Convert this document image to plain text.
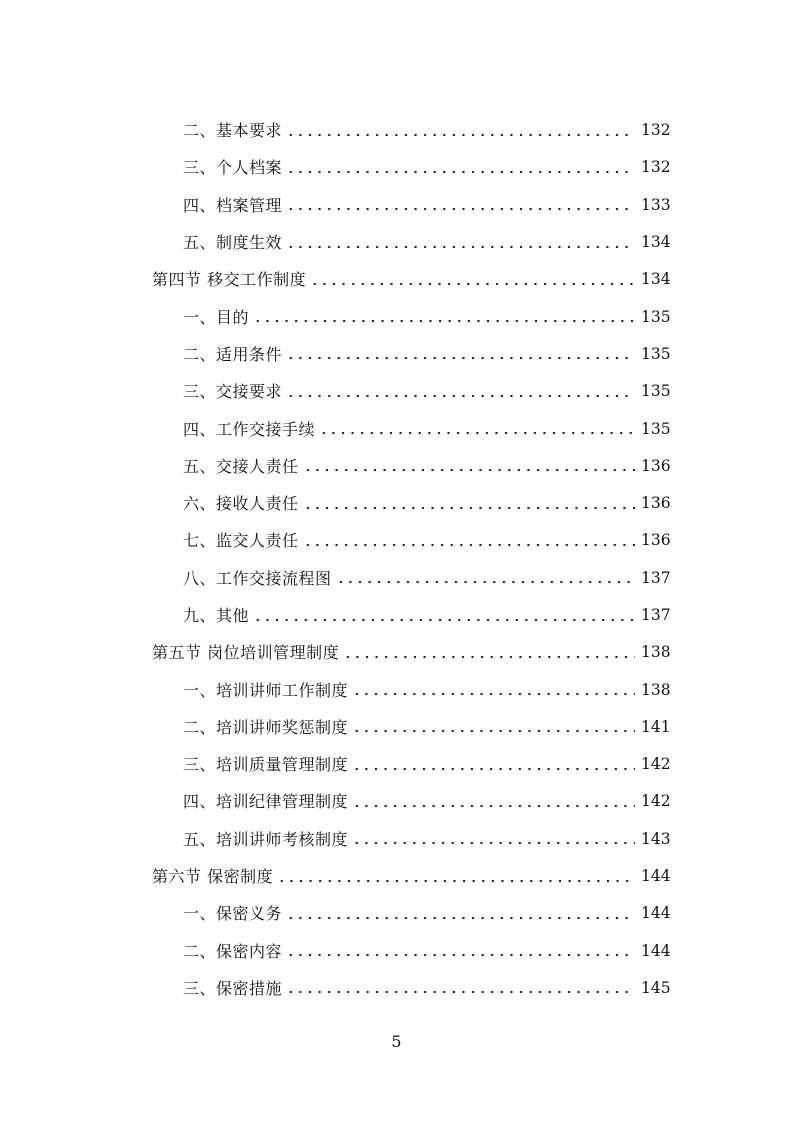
二、基本要求	132
三、个人档案	132
四、档案管理	133
五、制度生效	134
第四节 移交工作制度	134
一、目的	135
二、适用条件	135
三、交接要求	135
四、工作交接手续	135
五、交接人责任	136
六、接收人责任	136
七、监交人责任	136
八、工作交接流程图	137
九、其他	137
第五节 岗位培训管理制度	138
一、培训讲师工作制度	138
二、培训讲师奖惩制度	141
三、培训质量管理制度	142
四、培训纪律管理制度	142
五、培训讲师考核制度	143
第六节 保密制度	144
一、保密义务	144
二、保密内容	144
三、保密措施	145
5
